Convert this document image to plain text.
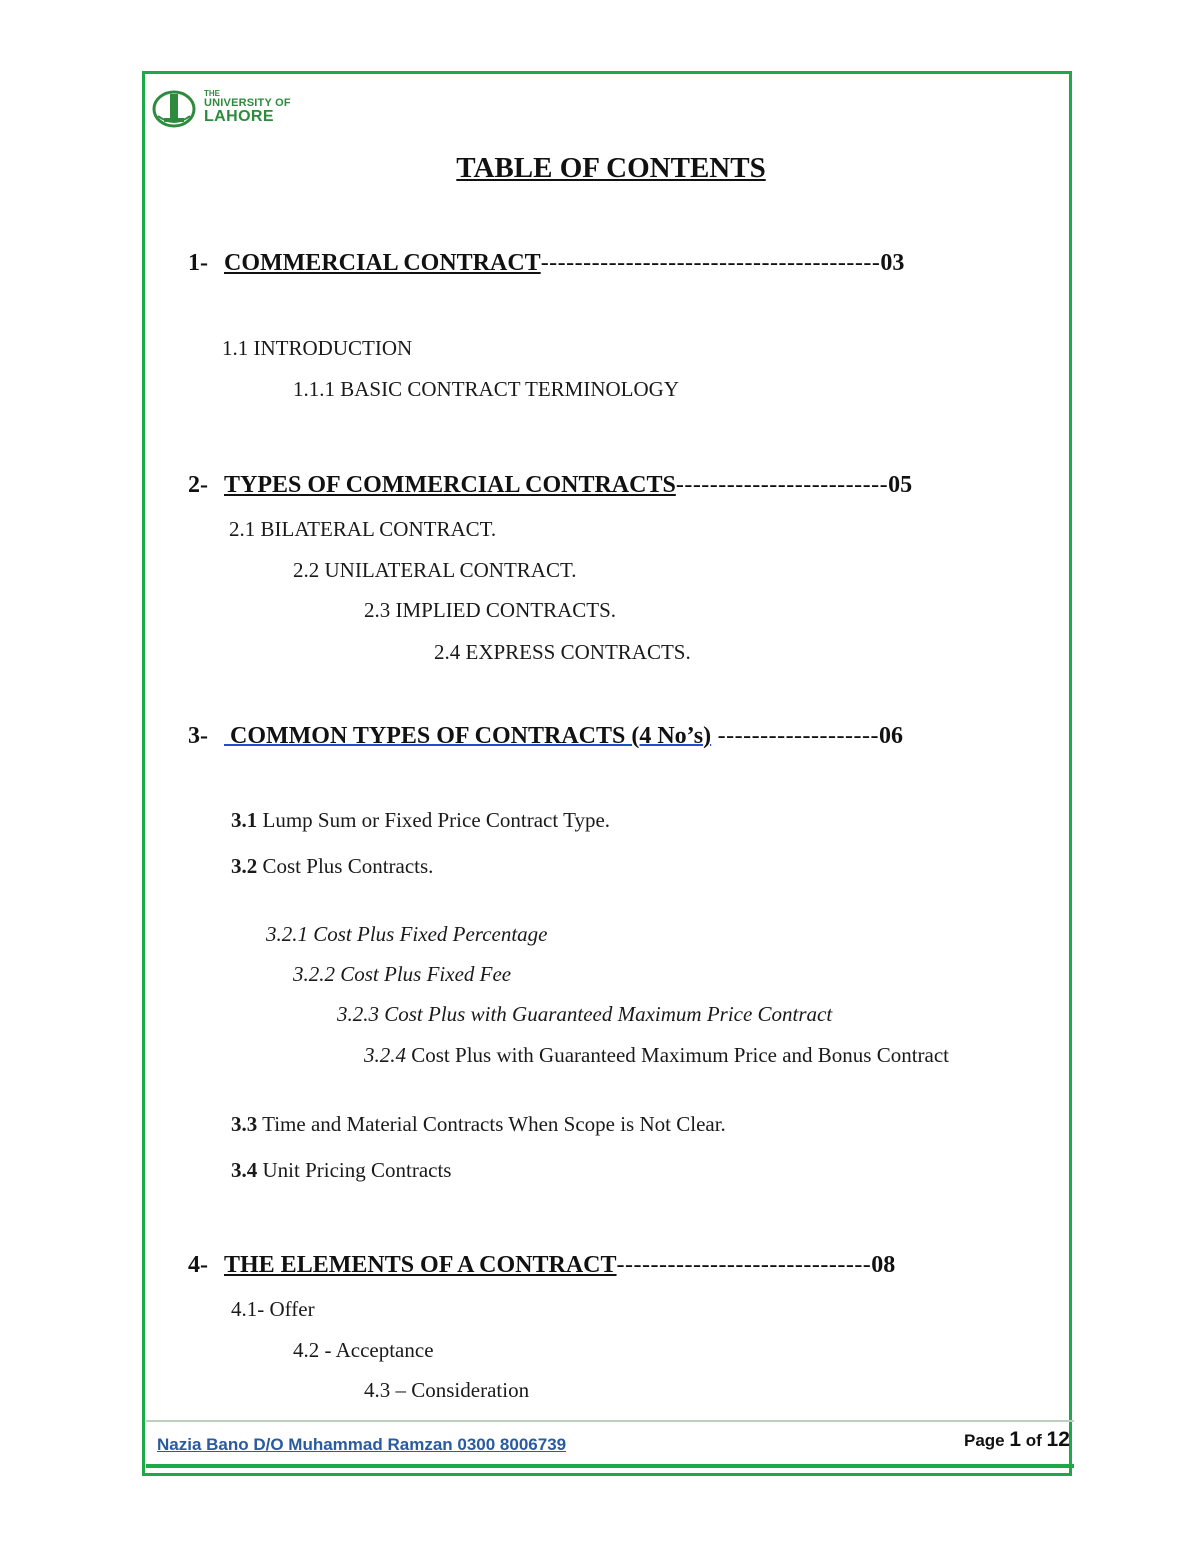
THE
UNIVERSITY OF
LAHORE
TABLE OF CONTENTS
1- COMMERCIAL CONTRACT----------------------------------------03
1.1 INTRODUCTION
1.1.1 BASIC CONTRACT TERMINOLOGY
2- TYPES OF COMMERCIAL CONTRACTS-------------------------05
2.1 BILATERAL CONTRACT.
2.2 UNILATERAL CONTRACT.
2.3 IMPLIED CONTRACTS.
2.4 EXPRESS CONTRACTS.
3- COMMON TYPES OF CONTRACTS (4 No’s) -------------------06
3.1 Lump Sum or Fixed Price Contract Type.
3.2 Cost Plus Contracts.
3.2.1 Cost Plus Fixed Percentage
3.2.2 Cost Plus Fixed Fee
3.2.3 Cost Plus with Guaranteed Maximum Price Contract
3.2.4 Cost Plus with Guaranteed Maximum Price and Bonus Contract
3.3 Time and Material Contracts When Scope is Not Clear.
3.4 Unit Pricing Contracts
4- THE ELEMENTS OF A CONTRACT------------------------------08
4.1- Offer
4.2 - Acceptance
4.3 – Consideration
Nazia Bano D/O Muhammad Ramzan 0300 8006739	Page 1 of 12
